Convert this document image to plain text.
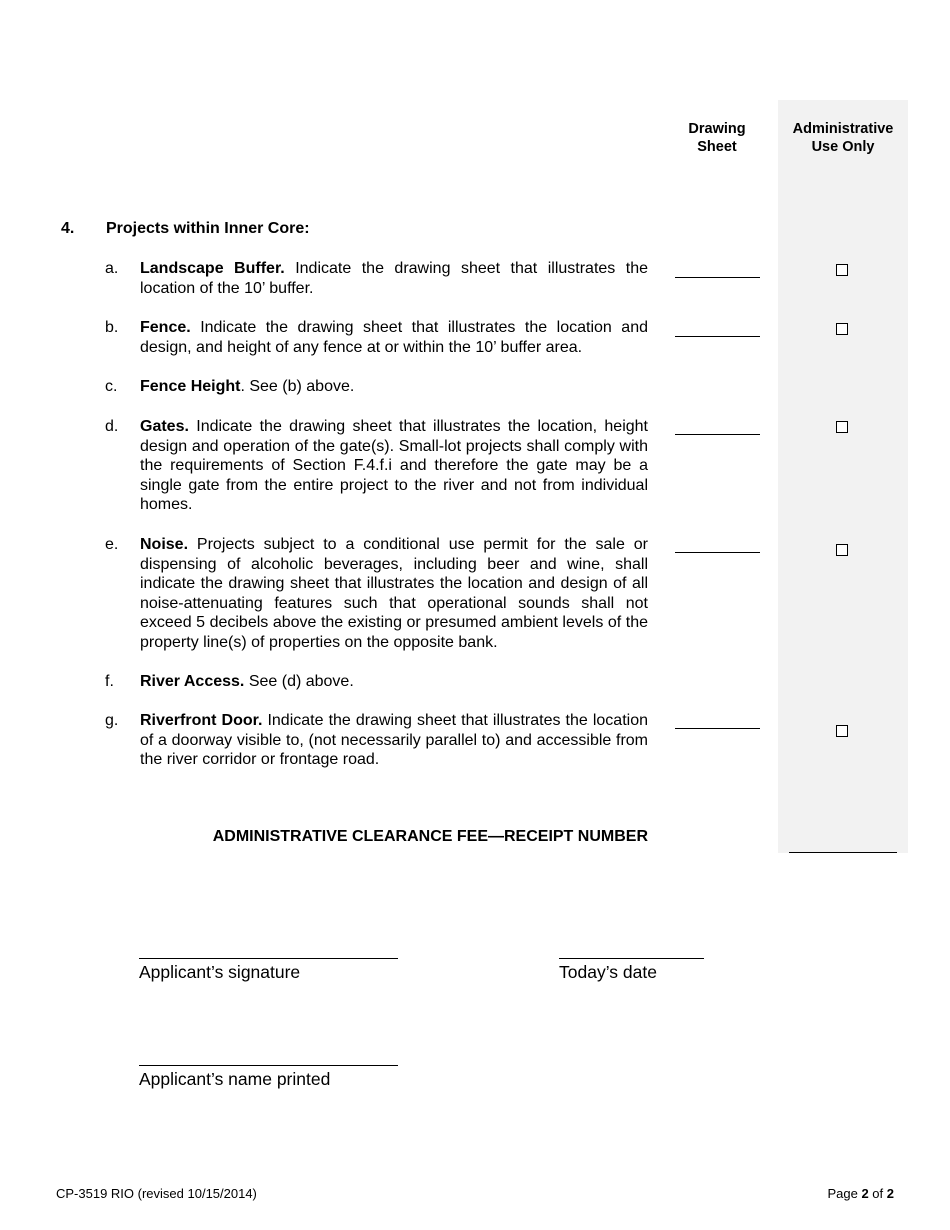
Drawing
Sheet
Administrative
Use Only
4. Projects within Inner Core:
a. Landscape Buffer. Indicate the drawing sheet that illustrates the location of the 10’ buffer.
b. Fence. Indicate the drawing sheet that illustrates the location and design, and height of any fence at or within the 10’ buffer area.
c. Fence Height. See (b) above.
d. Gates. Indicate the drawing sheet that illustrates the location, height design and operation of the gate(s). Small-lot projects shall comply with the requirements of Section F.4.f.i and therefore the gate may be a single gate from the entire project to the river and not from individual homes.
e. Noise. Projects subject to a conditional use permit for the sale or dispensing of alcoholic beverages, including beer and wine, shall indicate the drawing sheet that illustrates the location and design of all noise-attenuating features such that operational sounds shall not exceed 5 decibels above the existing or presumed ambient levels of the property line(s) of properties on the opposite bank.
f. River Access. See (d) above.
g. Riverfront Door. Indicate the drawing sheet that illustrates the location of a doorway visible to, (not necessarily parallel to) and accessible from the river corridor or frontage road.
ADMINISTRATIVE CLEARANCE FEE—RECEIPT NUMBER
Applicant’s signature	Today’s date
Applicant’s name printed
CP-3519 RIO (revised 10/15/2014)	Page 2 of 2
